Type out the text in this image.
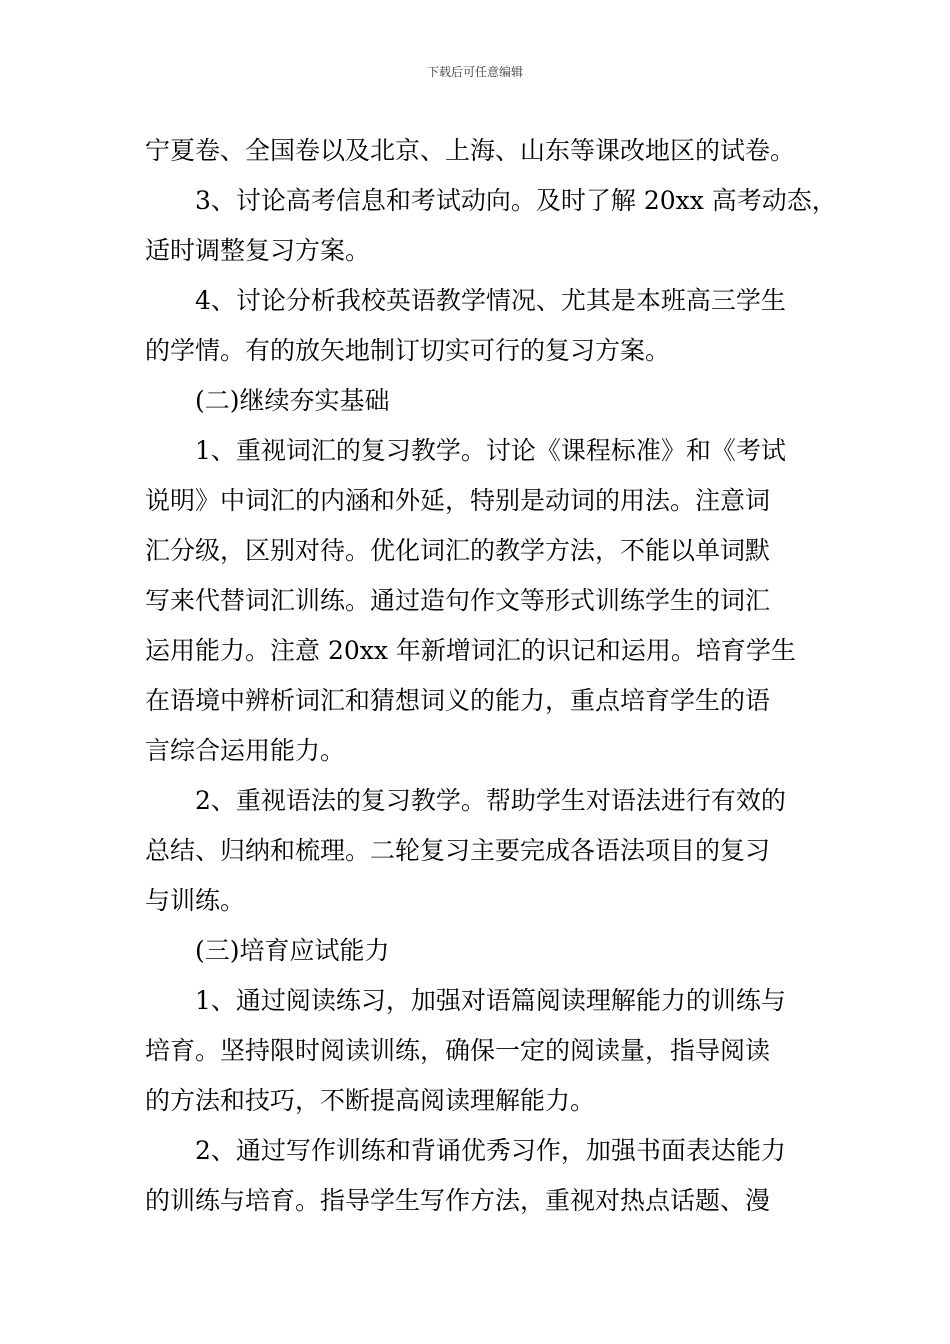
下载后可任意编辑
宁夏卷、全国卷以及北京、上海、山东等课改地区的试卷。
3、讨论高考信息和考试动向。及时了解 20xx 高考动态，
适时调整复习方案。
4、讨论分析我校英语教学情况、尤其是本班高三学生
的学情。有的放矢地制订切实可行的复习方案。
(二)继续夯实基础
1、重视词汇的复习教学。讨论《课程标准》和《考试
说明》中词汇的内涵和外延，特别是动词的用法。注意词
汇分级，区别对待。优化词汇的教学方法，不能以单词默
写来代替词汇训练。通过造句作文等形式训练学生的词汇
运用能力。注意 20xx 年新增词汇的识记和运用。培育学生
在语境中辨析词汇和猜想词义的能力，重点培育学生的语
言综合运用能力。
2、重视语法的复习教学。帮助学生对语法进行有效的
总结、归纳和梳理。二轮复习主要完成各语法项目的复习
与训练。
(三)培育应试能力
1、通过阅读练习，加强对语篇阅读理解能力的训练与
培育。坚持限时阅读训练，确保一定的阅读量，指导阅读
的方法和技巧，不断提高阅读理解能力。
2、通过写作训练和背诵优秀习作，加强书面表达能力
的训练与培育。指导学生写作方法，重视对热点话题、漫
